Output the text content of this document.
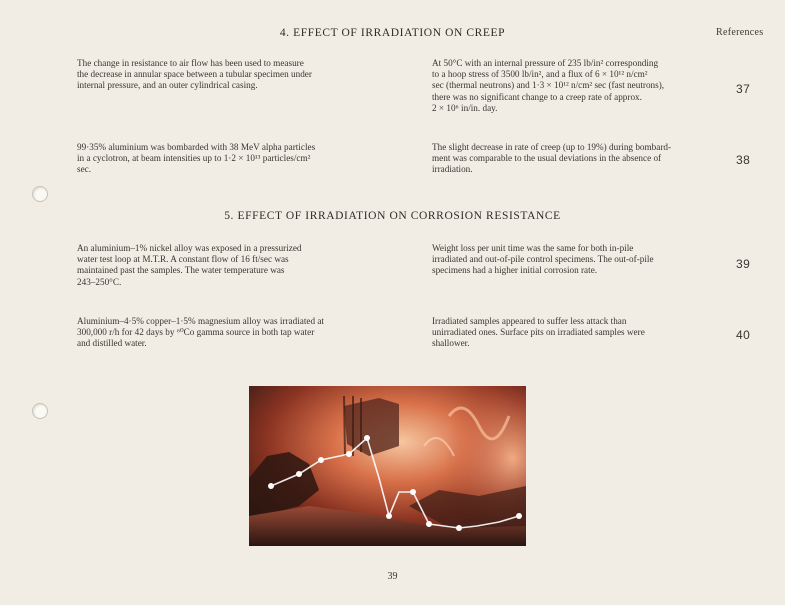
4. EFFECT OF IRRADIATION ON CREEP	References
The change in resistance to air flow has been used to measure
the decrease in annular space between a tubular specimen under
internal pressure, and an outer cylindrical casing.
At 50°C with an internal pressure of 235 lb/in² corresponding
to a hoop stress of 3500 lb/in², and a flux of 6 × 10¹² n/cm²
sec (thermal neutrons) and 1·3 × 10¹² n/cm² sec (fast neutrons),
there was no significant change to a creep rate of approx.
2 × 10⁶ in/in. day.
37
99·35% aluminium was bombarded with 38 MeV alpha particles
in a cyclotron, at beam intensities up to 1·2 × 10¹³ particles/cm²
sec.
The slight decrease in rate of creep (up to 19%) during bombard-
ment was comparable to the usual deviations in the absence of
irradiation.
38
5. EFFECT OF IRRADIATION ON CORROSION RESISTANCE
An aluminium–1% nickel alloy was exposed in a pressurized
water test loop at M.T.R. A constant flow of 16 ft/sec was
maintained past the samples. The water temperature was
243–250°C.
Weight loss per unit time was the same for both in-pile
irradiated and out-of-pile control specimens. The out-of-pile
specimens had a higher initial corrosion rate.	39
Aluminium–4·5% copper–1·5% magnesium alloy was irradiated at
300,000 r/h for 42 days by ⁶⁰Co gamma source in both tap water
and distilled water.
Irradiated samples appeared to suffer less attack than
unirradiated ones. Surface pits on irradiated samples were
shallower.
40
39
